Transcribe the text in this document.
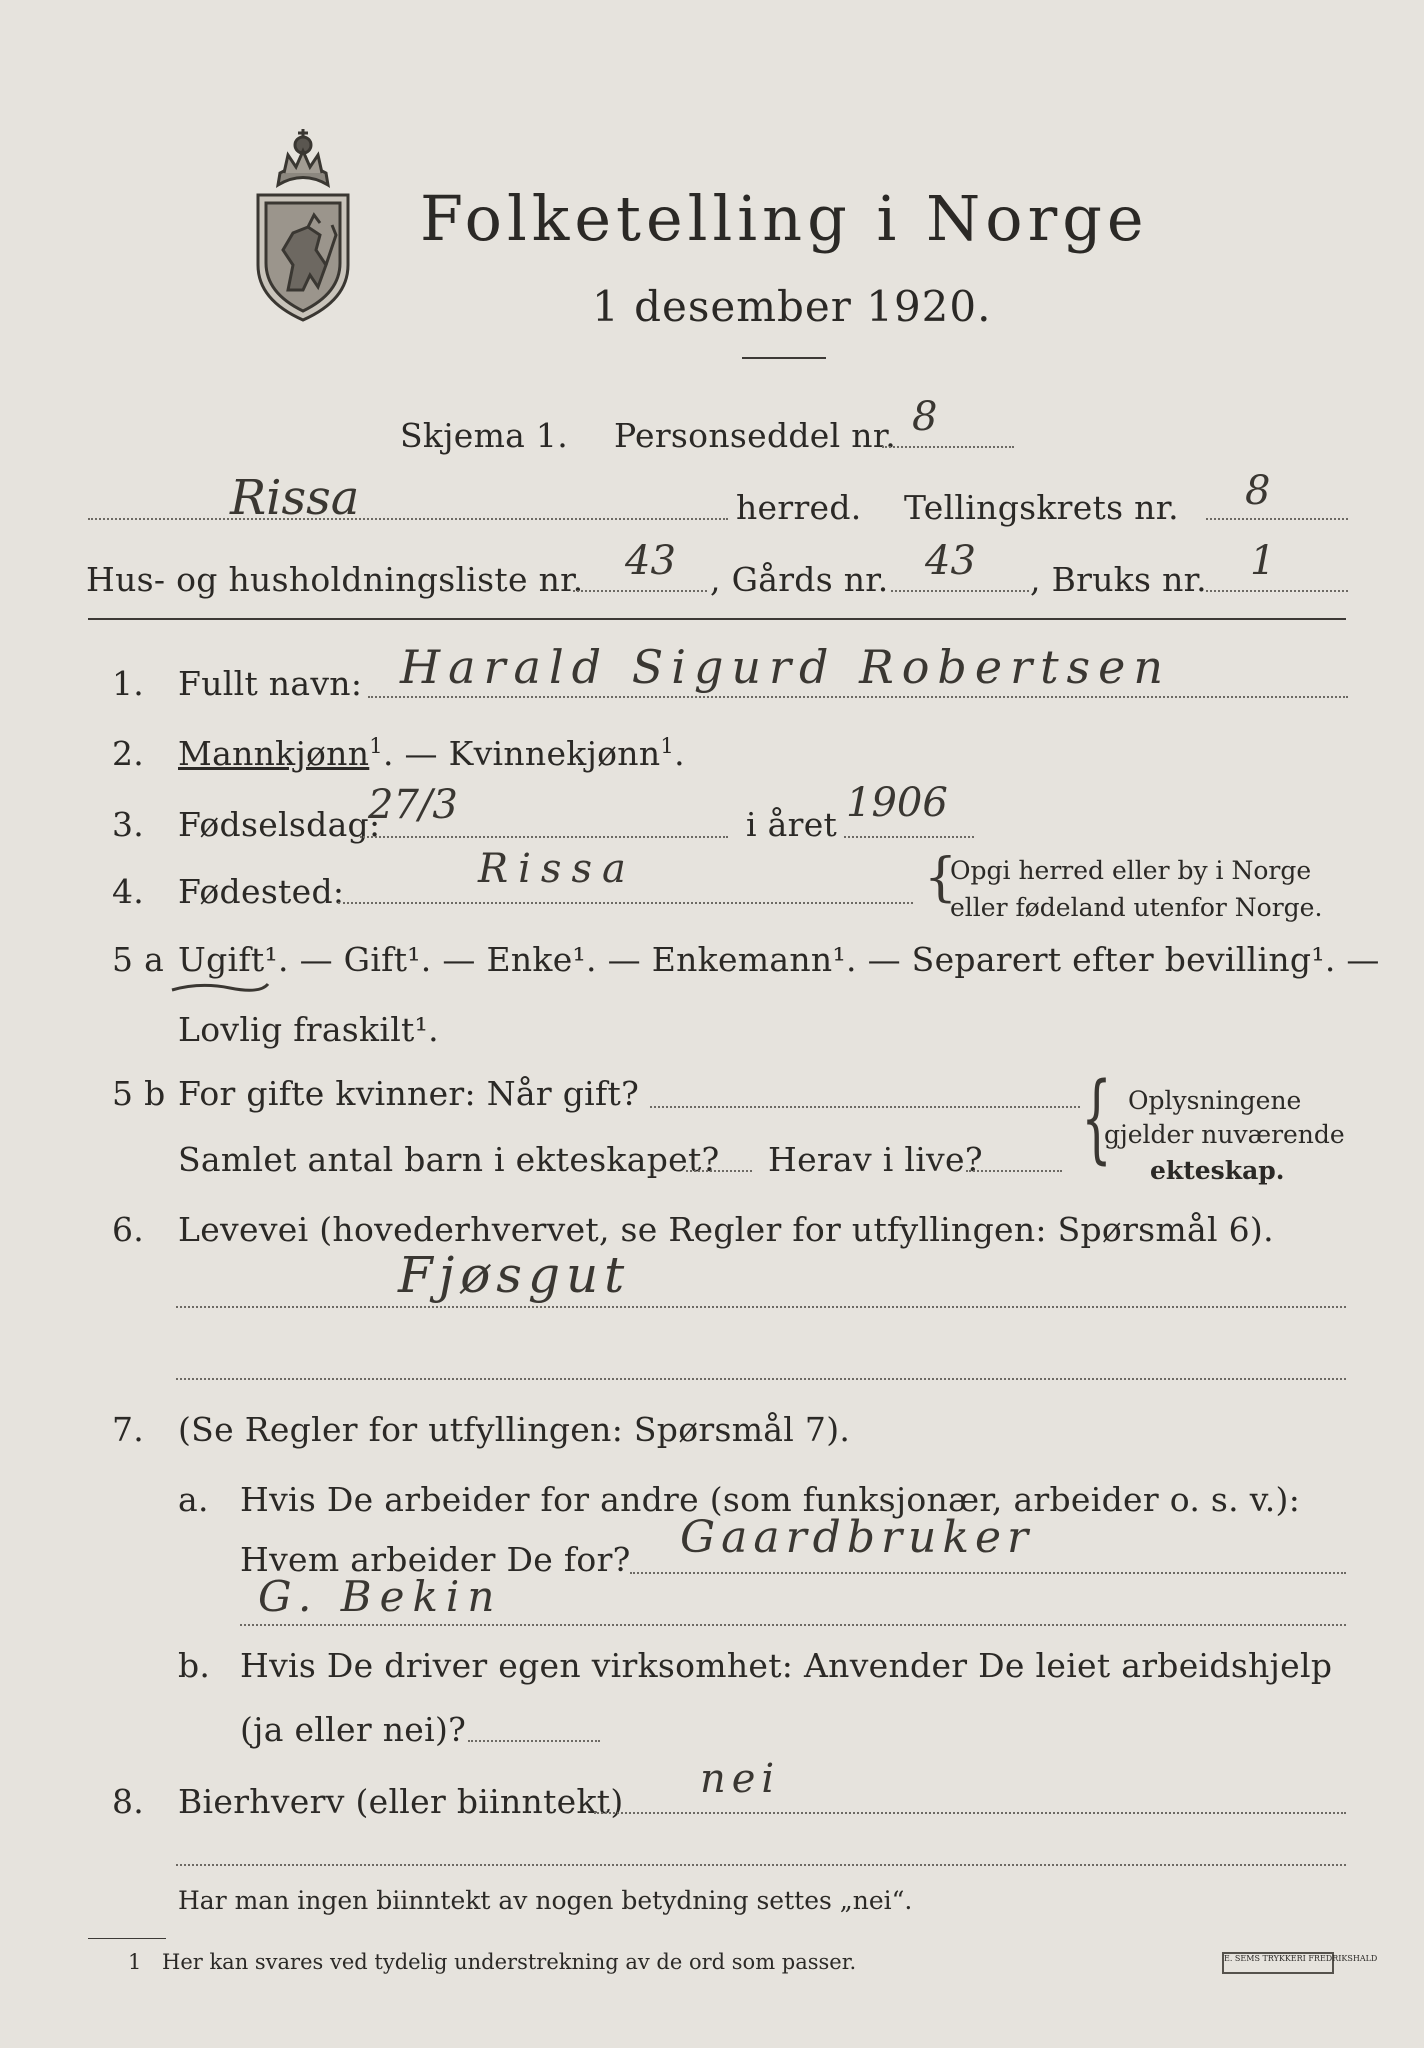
Folketelling i Norge
1 desember 1920.
Skjema 1. Personseddel nr. 8
Rissa	herred. Tellingskrets nr. 8
Hus- og husholdningsliste nr. 43 , Gårds nr. 43 , Bruks nr. 1
1. Fullt navn: Harald Sigurd Robertsen
2. Mannkjønn$^1$. — Kvinnekjønn$^1$.
3. Fødselsdag:
27/3	i året 1906
4. Fødested:	Rissa	{
Opgi herred eller by i Norge
eller fødeland utenfor Norge.
5 a Ugift¹. — Gift¹. — Enke¹. — Enkemann¹. — Separert efter bevilling¹. —
Lovlig fraskilt¹.
5 b For gifte kvinner: Når gift?
Samlet antal barn i ekteskapet? Herav i live? { Oplysningene
gjelder nuværende
ekteskap.
6. Levevei (hovederhvervet, se Regler for utfyllingen: Spørsmål 6).
Fjøsgut
7. (Se Regler for utfyllingen: Spørsmål 7).
a. Hvis De arbeider for andre (som funksjonær, arbeider o. s. v.):
Hvem arbeider De for? Gaardbruker
G. Bekin
b. Hvis De driver egen virksomhet: Anvender De leiet arbeidshjelp
(ja eller nei)?
8. Bierhverv (eller biinntekt) nei
Har man ingen biinntekt av nogen betydning settes „nei“.
1 Her kan svares ved tydelig understrekning av de ord som passer.	E. SEMS TRYKKERI FREDRIKSHALD
